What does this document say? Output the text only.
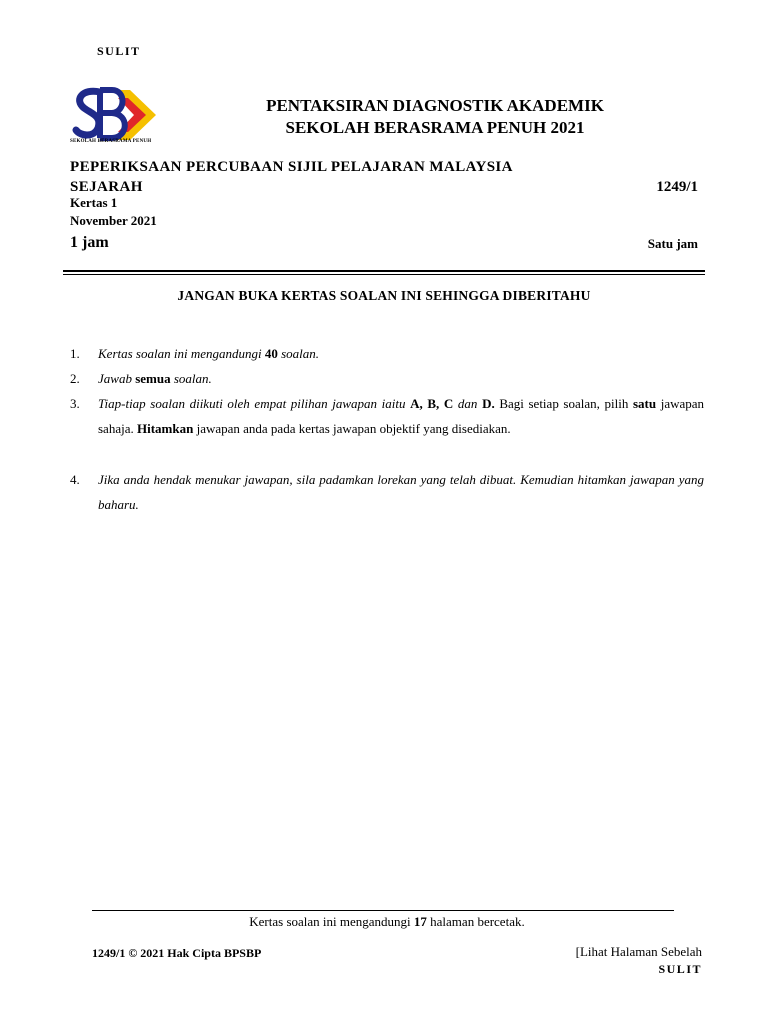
SULIT
SEKOLAH BERASRAMA PENUH
PENTAKSIRAN DIAGNOSTIK AKADEMIK
SEKOLAH BERASRAMA PENUH 2021
PEPERIKSAAN PERCUBAAN SIJIL PELAJARAN MALAYSIA
SEJARAH	1249/1
Kertas 1
November 2021
1 jam	Satu jam
JANGAN BUKA KERTAS SOALAN INI SEHINGGA DIBERITAHU
1. Kertas soalan ini mengandungi 40 soalan.
2. Jawab semua soalan.
3. Tiap-tiap soalan diikuti oleh empat pilihan jawapan iaitu A, B, C dan D. Bagi setiap soalan, pilih satu jawapan sahaja. Hitamkan jawapan anda pada kertas jawapan objektif yang disediakan.
4. Jika anda hendak menukar jawapan, sila padamkan lorekan yang telah dibuat. Kemudian hitamkan jawapan yang baharu.
Kertas soalan ini mengandungi 17 halaman bercetak.
1249/1 © 2021 Hak Cipta BPSBP	[Lihat Halaman Sebelah
SULIT
